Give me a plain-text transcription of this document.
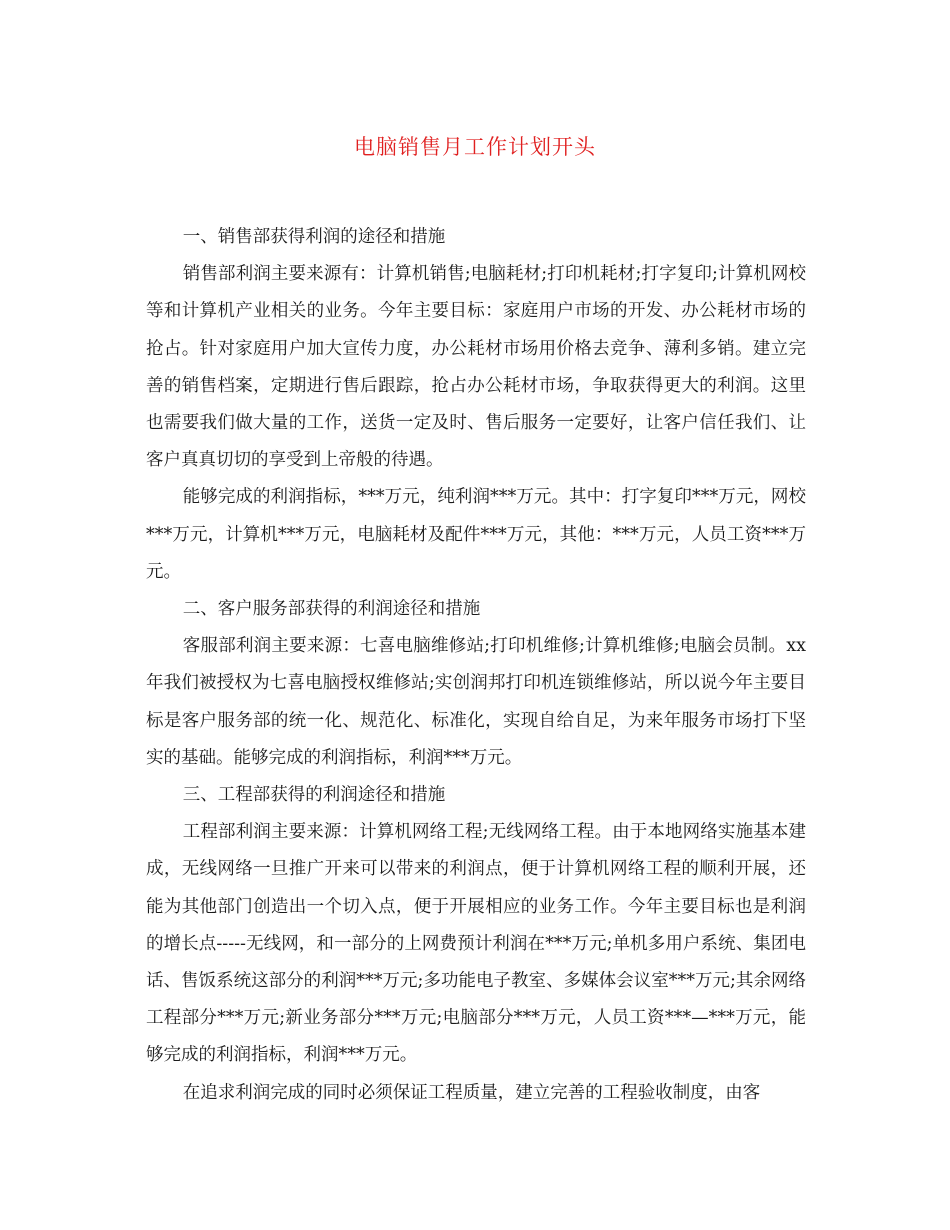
电脑销售月工作计划开头

一、销售部获得利润的途径和措施

销售部利润主要来源有：计算机销售;电脑耗材;打印机耗材;打字复印;计算机网校等和计算机产业相关的业务。今年主要目标：家庭用户市场的开发、办公耗材市场的抢占。针对家庭用户加大宣传力度，办公耗材市场用价格去竞争、薄利多销。建立完善的销售档案，定期进行售后跟踪，抢占办公耗材市场，争取获得更大的利润。这里也需要我们做大量的工作，送货一定及时、售后服务一定要好，让客户信任我们、让客户真真切切的享受到上帝般的待遇。

能够完成的利润指标，***万元，纯利润***万元。其中：打字复印***万元，网校***万元，计算机***万元，电脑耗材及配件***万元，其他：***万元，人员工资***万元。

二、客户服务部获得的利润途径和措施

客服部利润主要来源：七喜电脑维修站;打印机维修;计算机维修;电脑会员制。xx年我们被授权为七喜电脑授权维修站;实创润邦打印机连锁维修站，所以说今年主要目标是客户服务部的统一化、规范化、标准化，实现自给自足，为来年服务市场打下坚实的基础。能够完成的利润指标，利润***万元。

三、工程部获得的利润途径和措施

工程部利润主要来源：计算机网络工程;无线网络工程。由于本地网络实施基本建成，无线网络一旦推广开来可以带来的利润点，便于计算机网络工程的顺利开展，还能为其他部门创造出一个切入点，便于开展相应的业务工作。今年主要目标也是利润的增长点-----无线网，和一部分的上网费预计利润在***万元;单机多用户系统、集团电话、售饭系统这部分的利润***万元;多功能电子教室、多媒体会议室***万元;其余网络工程部分***万元;新业务部分***万元;电脑部分***万元，人员工资***—***万元，能够完成的利润指标，利润***万元。

在追求利润完成的同时必须保证工程质量，建立完善的工程验收制度，由客
